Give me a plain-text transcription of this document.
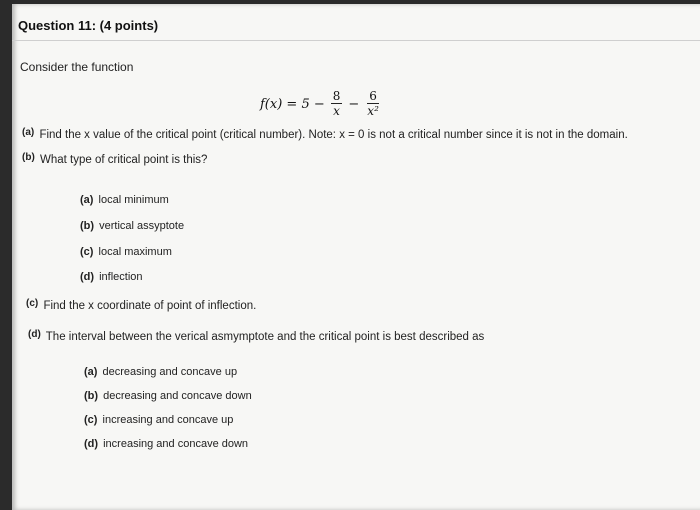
Question 11: (4 points)
Consider the function
$f(x) = 5 - \frac{8}{x} - \frac{6}{\text{x²}}$
(a) Find the x value of the critical point (critical number). Note: x = 0 is not a critical number since it is not in the domain.
(b) What type of critical point is this?
(a) local minimum
(b) vertical assyptote
(c) local maximum
(d) inflection
(c) Find the x coordinate of point of inflection.
(d) The interval between the verical asmymptote and the critical point is best described as
(a) decreasing and concave up
(b) decreasing and concave down
(c) increasing and concave up
(d) increasing and concave down
